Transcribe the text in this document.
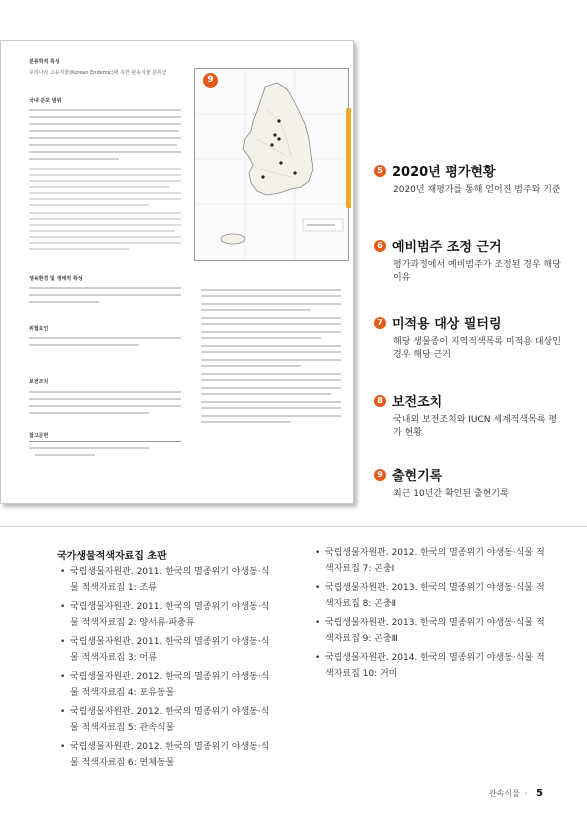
분류학적 특성
우리나라 고유식물(Korean Endemic)에 속한 관속식물 분류군
국내 분포 범위
생육환경 및 생태적 특성
위협요인
보전조치
참고문헌
9
5 2020년 평가현황
2020년 재평가를 통해 얻어진 범주와 기준
6 예비범주 조정 근거
평가과정에서 예비범주가 조정된 경우 해당 이유
7 미적용 대상 필터링
해당 생물종이 지역적색목록 미적용 대상인 경우 해당 근거
8 보전조치
국내외 보전조치와 IUCN 세계적색목록 평가 현황
9 출현기록
최근 10년간 확인된 출현기록
국가생물적색자료집 초판
• 국립생물자원관. 2011. 한국의 멸종위기 야생동·식물 적색자료집 1: 조류
• 국립생물자원관. 2011. 한국의 멸종위기 야생동·식물 적색자료집 2: 양서류·파충류
• 국립생물자원관. 2011. 한국의 멸종위기 야생동·식물 적색자료집 3: 어류
• 국립생물자원관. 2012. 한국의 멸종위기 야생동·식물 적색자료집 4: 포유동물
• 국립생물자원관. 2012. 한국의 멸종위기 야생동·식물 적색자료집 5: 관속식물
• 국립생물자원관. 2012. 한국의 멸종위기 야생동·식물 적색자료집 6: 연체동물
• 국립생물자원관. 2012. 한국의 멸종위기 야생동·식물 적색자료집 7: 곤충Ⅰ
• 국립생물자원관. 2013. 한국의 멸종위기 야생동·식물 적색자료집 8: 곤충Ⅱ
• 국립생물자원관. 2013. 한국의 멸종위기 야생동·식물 적색자료집 9: 곤충Ⅲ
• 국립생물자원관. 2014. 한국의 멸종위기 야생동·식물 적색자료집 10: 거미
관속식물  · 5
